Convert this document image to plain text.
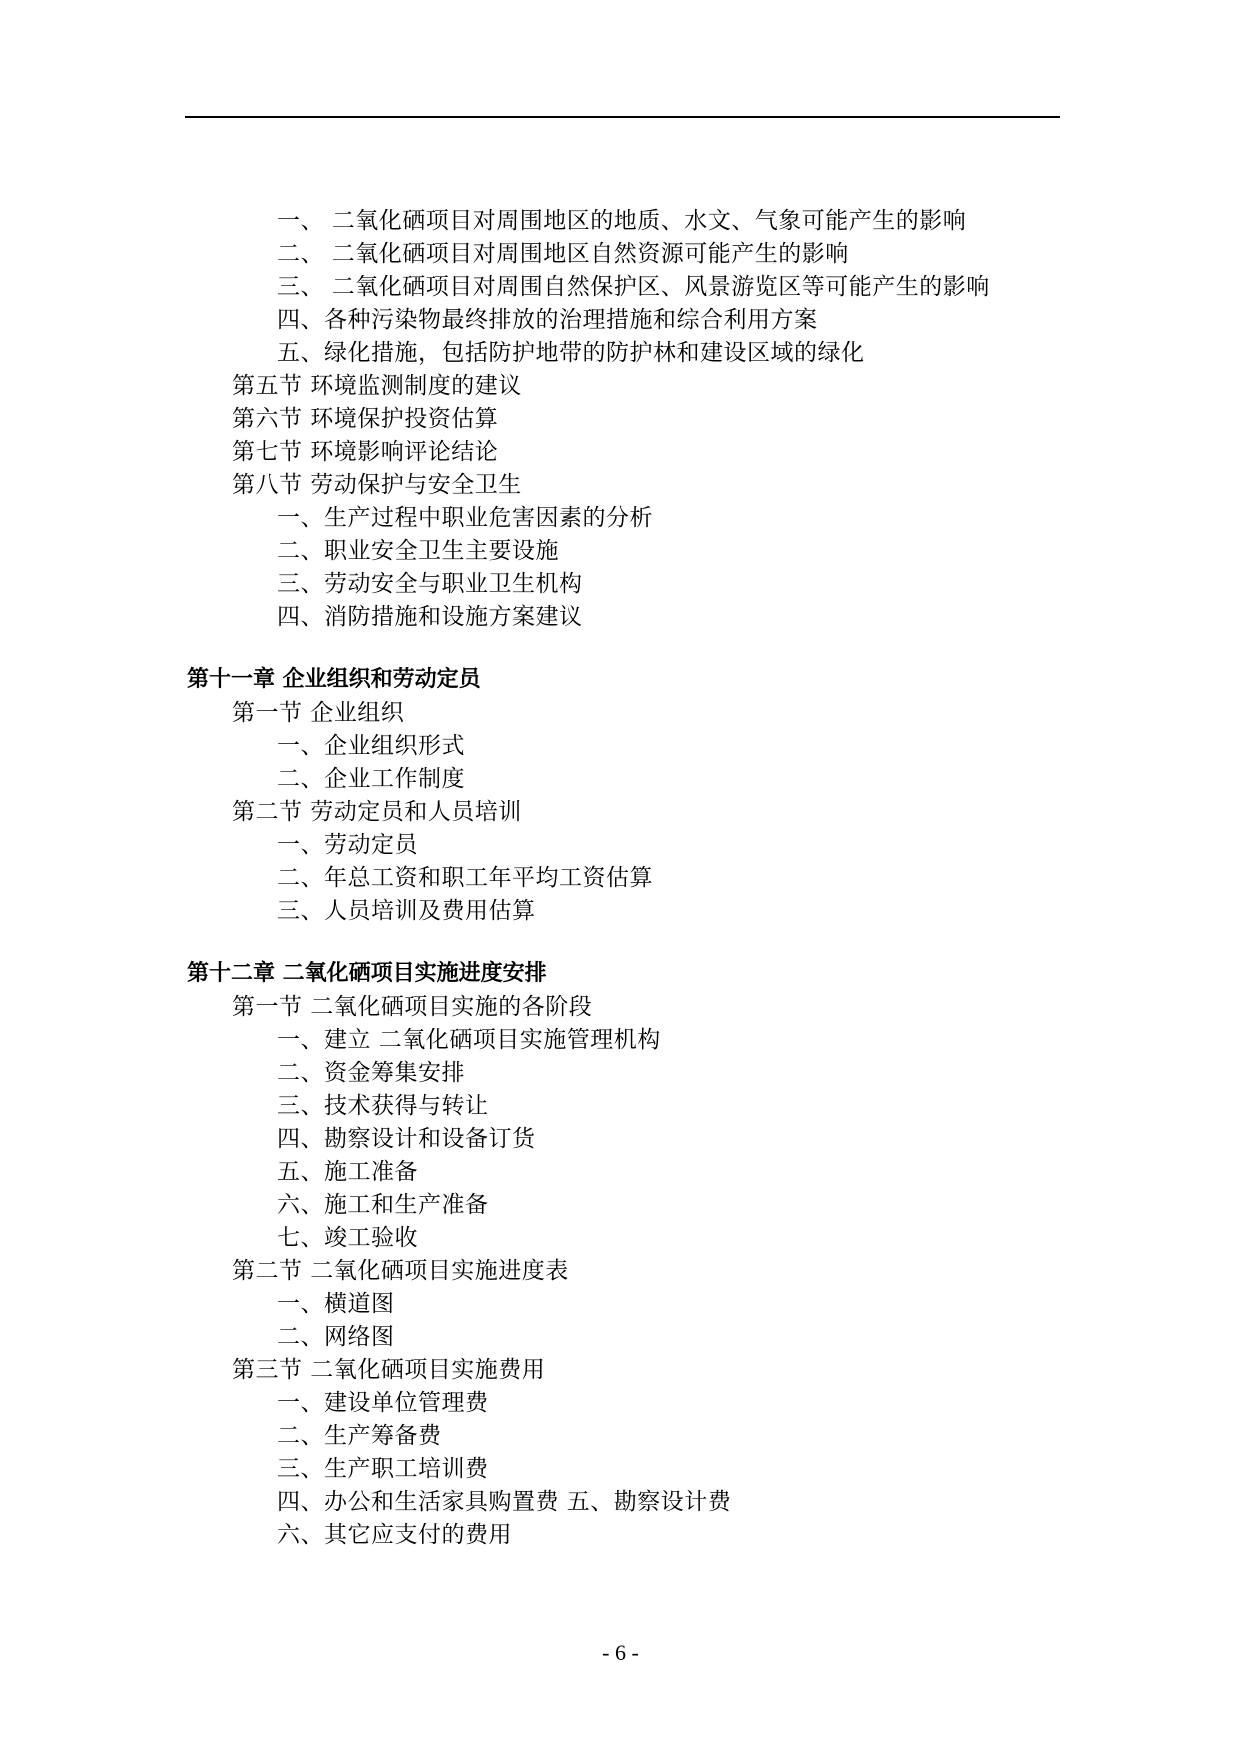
一、 二氧化硒项目对周围地区的地质、水文、气象可能产生的影响
二、 二氧化硒项目对周围地区自然资源可能产生的影响
三、 二氧化硒项目对周围自然保护区、风景游览区等可能产生的影响
四、各种污染物最终排放的治理措施和综合利用方案
五、绿化措施，包括防护地带的防护林和建设区域的绿化
第五节 环境监测制度的建议
第六节 环境保护投资估算
第七节 环境影响评论结论
第八节 劳动保护与安全卫生
一、生产过程中职业危害因素的分析
二、职业安全卫生主要设施
三、劳动安全与职业卫生机构
四、消防措施和设施方案建议
第十一章 企业组织和劳动定员
第一节 企业组织
一、企业组织形式
二、企业工作制度
第二节 劳动定员和人员培训
一、劳动定员
二、年总工资和职工年平均工资估算
三、人员培训及费用估算
第十二章 二氧化硒项目实施进度安排
第一节 二氧化硒项目实施的各阶段
一、建立 二氧化硒项目实施管理机构
二、资金筹集安排
三、技术获得与转让
四、勘察设计和设备订货
五、施工准备
六、施工和生产准备
七、竣工验收
第二节 二氧化硒项目实施进度表
一、横道图
二、网络图
第三节 二氧化硒项目实施费用
一、建设单位管理费
二、生产筹备费
三、生产职工培训费
四、办公和生活家具购置费 五、勘察设计费
六、其它应支付的费用
- 6 -
